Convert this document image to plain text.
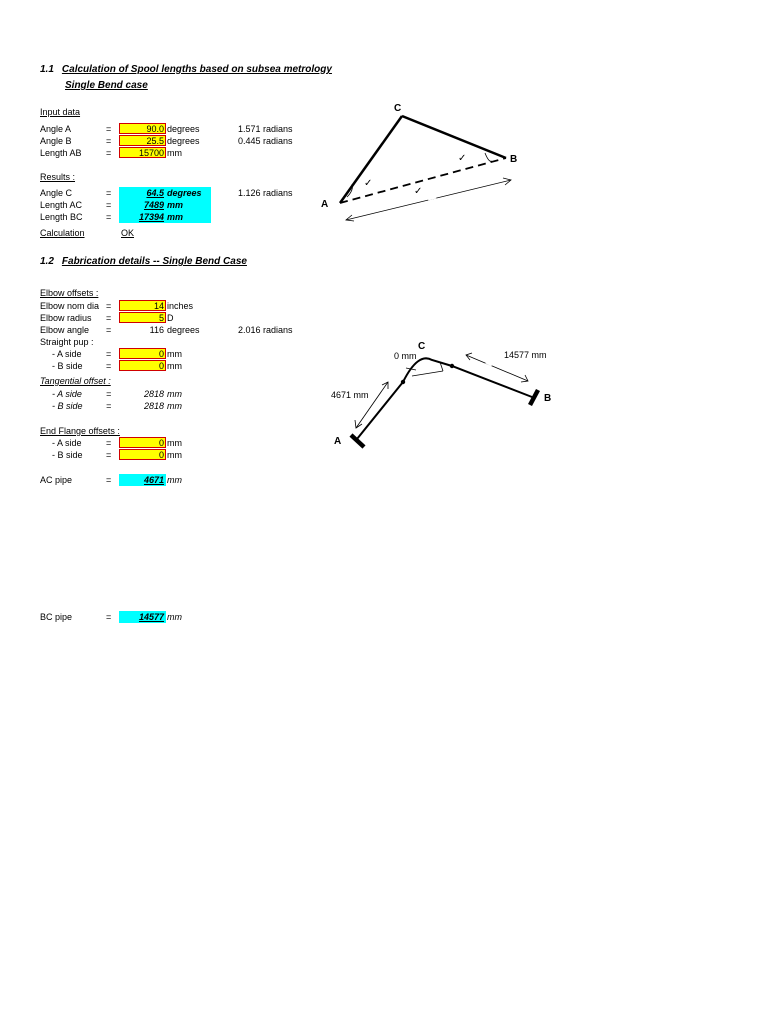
1.1 Calculation of Spool lengths based on subsea metrology
Single Bend case
Input data
Angle A	=	90.0 degrees	1.571 radians
Angle B	=	25.5 degrees	0.445 radians
Length AB	=	15700 mm
Results :
Angle C	=	64.5 degrees	1.126 radians
Length AC	=	7489 mm
Length BC	=	17394 mm
Calculation	OK
C
B
A
✓
✓
✓
1.2 Fabrication details -- Single Bend Case
Elbow offsets :
Elbow nom dia =	14 inches
Elbow radius =	5 D
Elbow angle =	116 degrees	2.016 radians
Straight pup :
- A side	=	0 mm
- B side	=	0 mm
Tangential offset :
- A side	=	2818 mm
- B side	=	2818 mm
End Flange offsets :
- A side	=	0 mm
- B side	=	0 mm
AC pipe	=	4671 mm
BC pipe	=	14577 mm
C
0 mm	14577 mm
4671 mm
A
B
